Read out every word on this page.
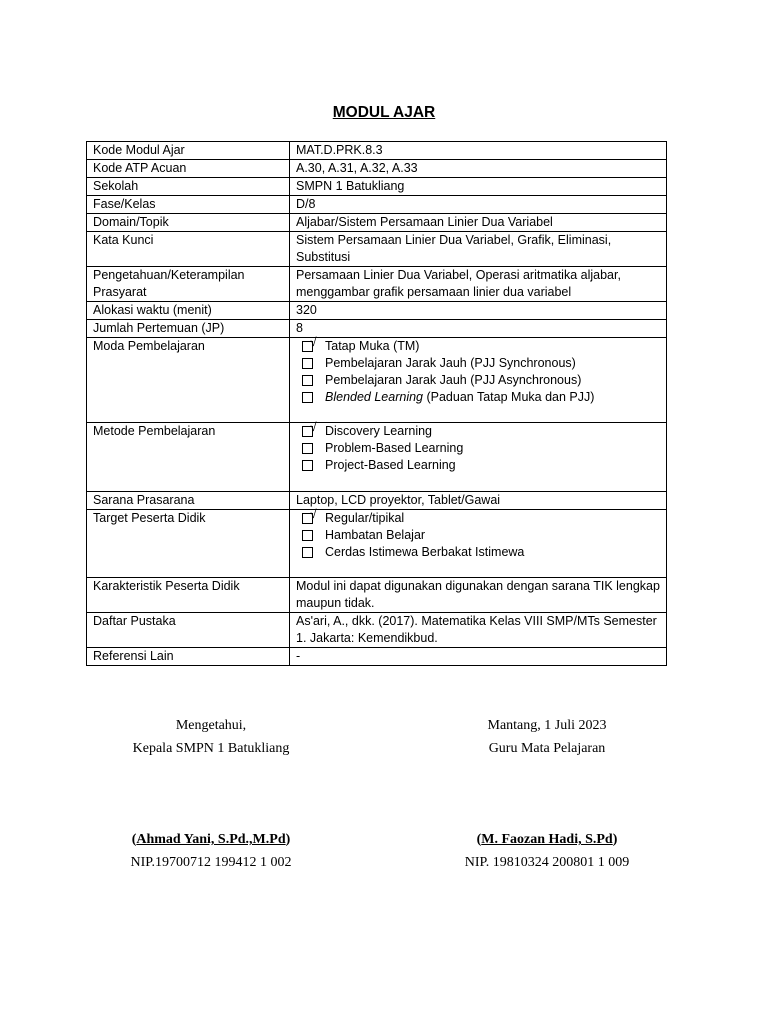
MODUL AJAR
Kode Modul Ajar	MAT.D.PRK.8.3
Kode ATP Acuan	A.30, A.31, A.32, A.33
Sekolah	SMPN 1 Batukliang
Fase/Kelas	D/8
Domain/Topik	Aljabar/Sistem Persamaan Linier Dua Variabel
Kata Kunci	Sistem Persamaan Linier Dua Variabel, Grafik, Eliminasi, Substitusi
Pengetahuan/Keterampilan Prasyarat	Persamaan Linier Dua Variabel, Operasi aritmatika aljabar, menggambar grafik persamaan linier dua variabel
Alokasi waktu (menit)	320
Jumlah Pertemuan (JP)	8
Moda Pembelajaran	√ Tatap Muka (TM)
Pembelajaran Jarak Jauh (PJJ Synchronous)
Pembelajaran Jarak Jauh (PJJ Asynchronous)
Blended Learning (Paduan Tatap Muka dan PJJ)

Metode Pembelajaran	√ Discovery Learning
Problem-Based Learning
Project-Based Learning

Sarana Prasarana	Laptop, LCD proyektor, Tablet/Gawai
Target Peserta Didik	√ Regular/tipikal
Hambatan Belajar
Cerdas Istimewa Berbakat Istimewa

Karakteristik Peserta Didik	Modul ini dapat digunakan digunakan dengan sarana TIK lengkap maupun tidak.
Daftar Pustaka	As'ari, A., dkk. (2017). Matematika Kelas VIII SMP/MTs Semester 1. Jakarta: Kemendikbud.
Referensi Lain	-
Mengetahui,
Kepala SMPN 1 Batukliang
(Ahmad Yani, S.Pd.,M.Pd)
NIP.19700712 199412 1 002
Mantang, 1 Juli 2023
Guru Mata Pelajaran
(M. Faozan Hadi, S.Pd)
NIP. 19810324 200801 1 009
